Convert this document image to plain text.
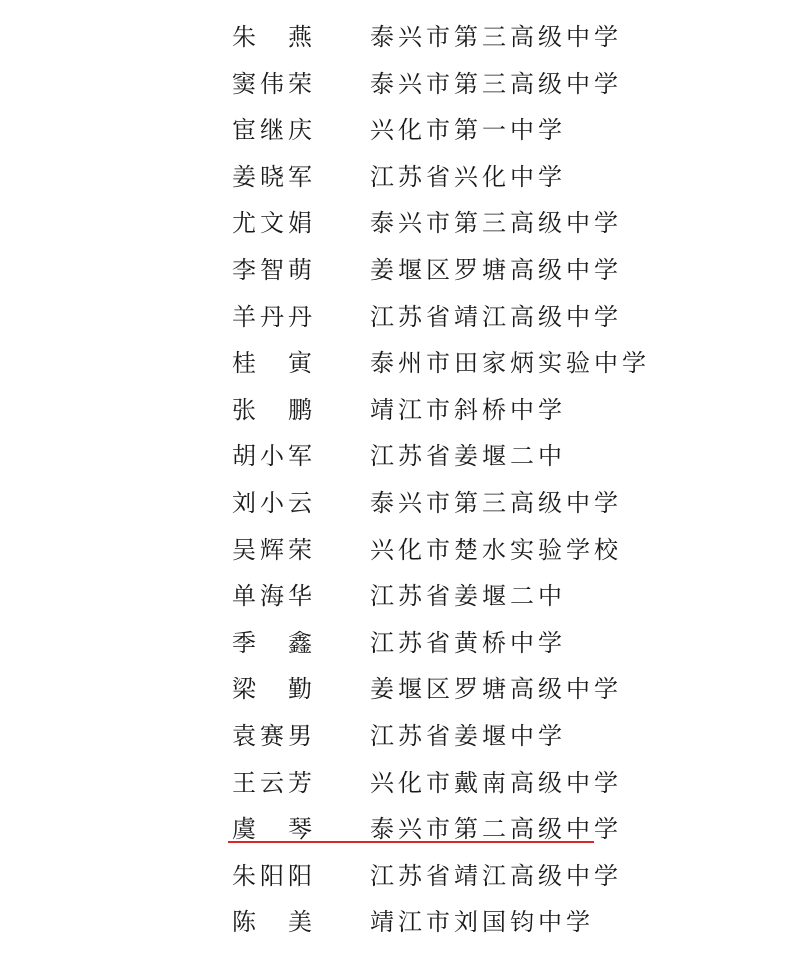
朱　燕 泰兴市第三高级中学
窦伟荣 泰兴市第三高级中学
宦继庆 兴化市第一中学
姜晓军 江苏省兴化中学
尤文娟 泰兴市第三高级中学
李智萌 姜堰区罗塘高级中学
羊丹丹 江苏省靖江高级中学
桂　寅 泰州市田家炳实验中学
张　鹏 靖江市斜桥中学
胡小军 江苏省姜堰二中
刘小云 泰兴市第三高级中学
吴辉荣 兴化市楚水实验学校
单海华 江苏省姜堰二中
季　鑫 江苏省黄桥中学
梁　勤 姜堰区罗塘高级中学
袁赛男 江苏省姜堰中学
王云芳 兴化市戴南高级中学
虞　琴 泰兴市第二高级中学
朱阳阳 江苏省靖江高级中学
陈　美 靖江市刘国钧中学
